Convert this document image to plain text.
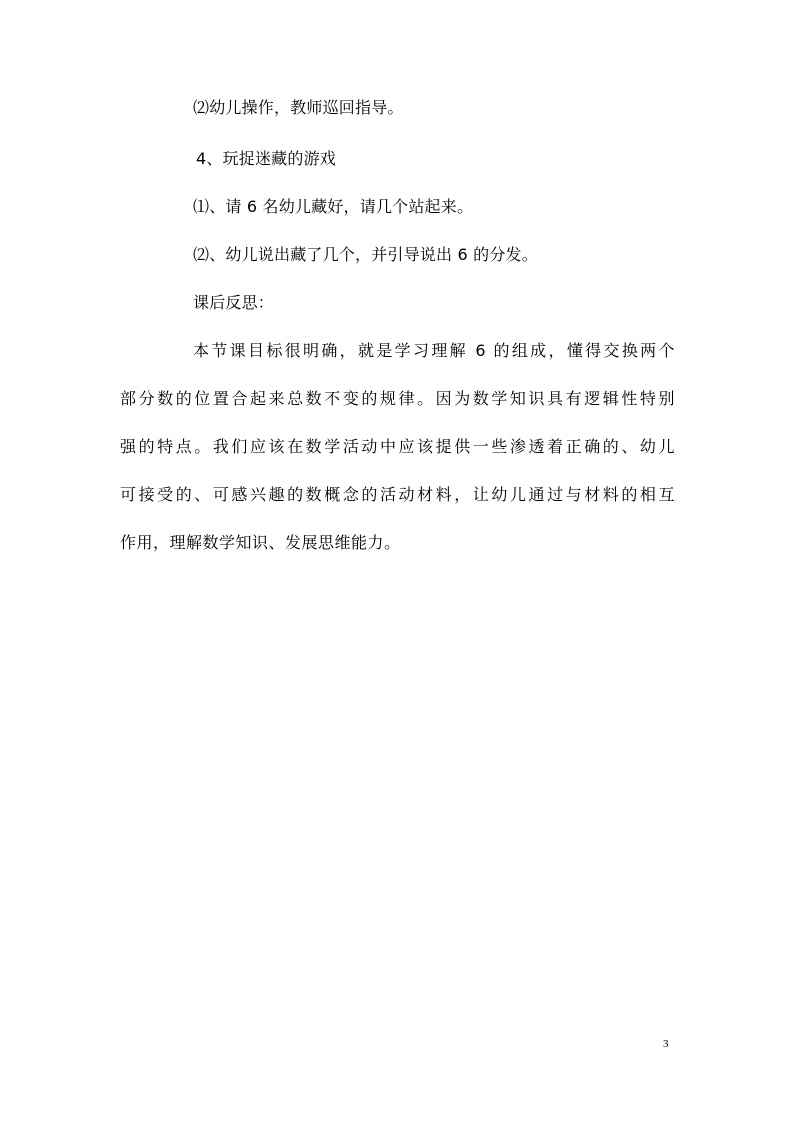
⑵幼儿操作，教师巡回指导。
4、玩捉迷藏的游戏
⑴、请 6 名幼儿藏好，请几个站起来。
⑵、幼儿说出藏了几个，并引导说出 6 的分发。
课后反思：
本节课目标很明确，就是学习理解 6 的组成，懂得交换两个
部分数的位置合起来总数不变的规律。因为数学知识具有逻辑性特别
强的特点。我们应该在数学活动中应该提供一些渗透着正确的、幼儿
可接受的、可感兴趣的数概念的活动材料，让幼儿通过与材料的相互
作用，理解数学知识、发展思维能力。
3
